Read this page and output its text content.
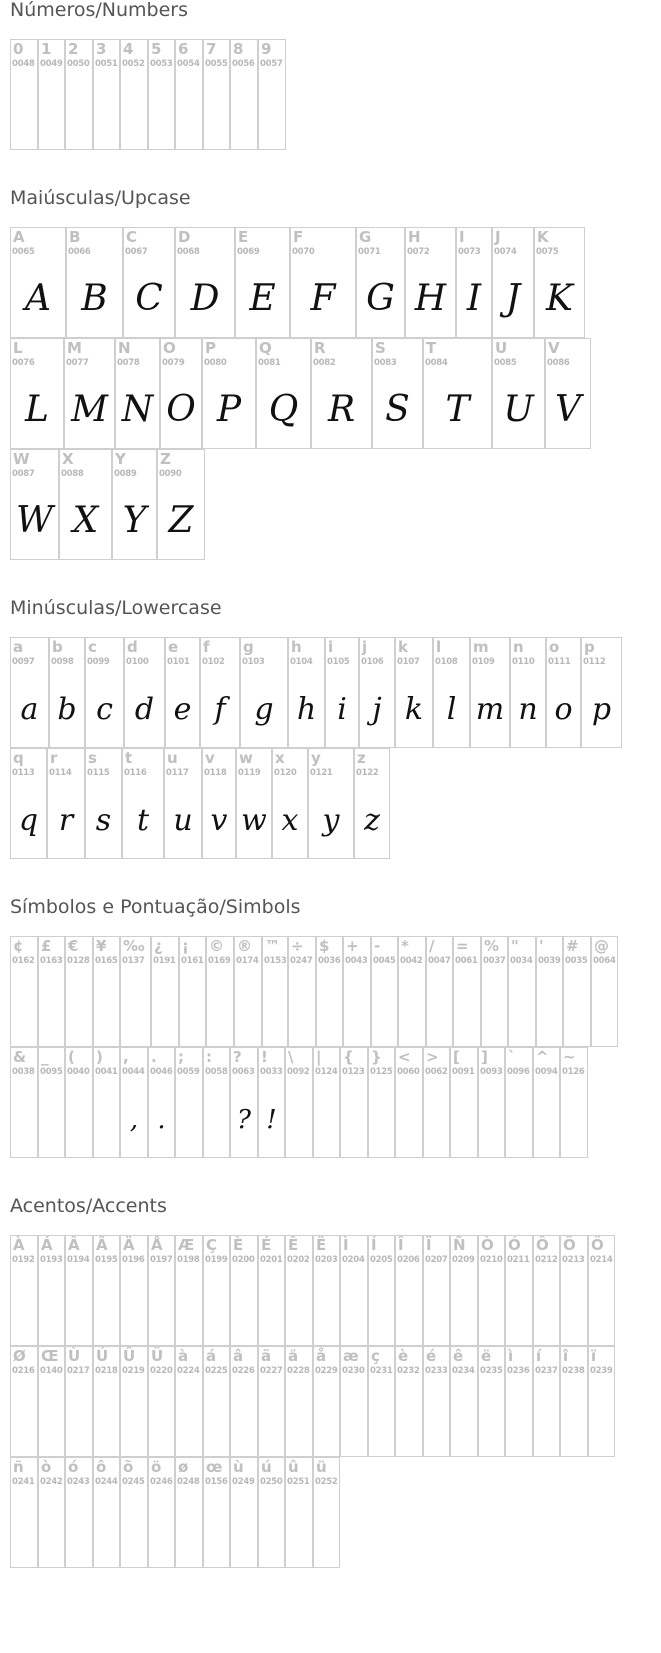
Números/Numbers
0
0048
1
0049
2
0050
3
0051
4
0052
5
0053
6
0054
7
0055
8
0056
9
0057
Maiúsculas/Upcase
A
0065
A
B
0066
B
C
0067
C
D
0068
D
E
0069
E
F
0070
F
G
0071
G
H
0072
H
I
0073
I
J
0074
J
K
0075
K
L
0076
L
M
0077
M
N
0078
N
O
0079
O
P
0080
P
Q
0081
Q
R
0082
R
S
0083
S
T
0084
T
U
0085
U
V
0086
V
W
0087
W
X
0088
X
Y
0089
Y
Z
0090
Z
Minúsculas/Lowercase
a
0097
a
b
0098
b
c
0099
c
d
0100
d
e
0101
e
f
0102
f
g
0103
g
h
0104
h
i
0105
i
j
0106
j
k
0107
k
l
0108
l
m
0109
m
n
0110
n
o
0111
o
p
0112
p
q
0113
q
r
0114
r
s
0115
s
t
0116
t
u
0117
u
v
0118
v
w
0119
w
x
0120
x
y
0121
y
z
0122
z
Símbolos e Pontuação/Simbols
¢
0162
£
0163
€
0128
¥
0165
‰
0137
¿
0191
¡
0161
©
0169
®
0174
™
0153
÷
0247
$
0036
+
0043
-
0045
*
0042
/
0047
=
0061
%
0037
"
0034
'
0039
#
0035
@
0064
&
0038
_
0095
(
0040
)
0041
,
0044
,
.
0046
.
;
0059
:
0058
?
0063
?
!
0033
!
\
0092
|
0124
{
0123
}
0125
<
0060
>
0062
[
0091
]
0093
`
0096
^
0094
~
0126
Acentos/Accents
À
0192
Á
0193
Â
0194
Ã
0195
Ä
0196
Å
0197
Æ
0198
Ç
0199
È
0200
É
0201
Ê
0202
Ë
0203
Ì
0204
Í
0205
Î
0206
Ï
0207
Ñ
0209
Ò
0210
Ó
0211
Ô
0212
Õ
0213
Ö
0214
Ø
0216
Œ
0140
Ù
0217
Ú
0218
Û
0219
Ü
0220
à
0224
á
0225
â
0226
ã
0227
ä
0228
å
0229
æ
0230
ç
0231
è
0232
é
0233
ê
0234
ë
0235
ì
0236
í
0237
î
0238
ï
0239
ñ
0241
ò
0242
ó
0243
ô
0244
õ
0245
ö
0246
ø
0248
œ
0156
ù
0249
ú
0250
û
0251
ü
0252
